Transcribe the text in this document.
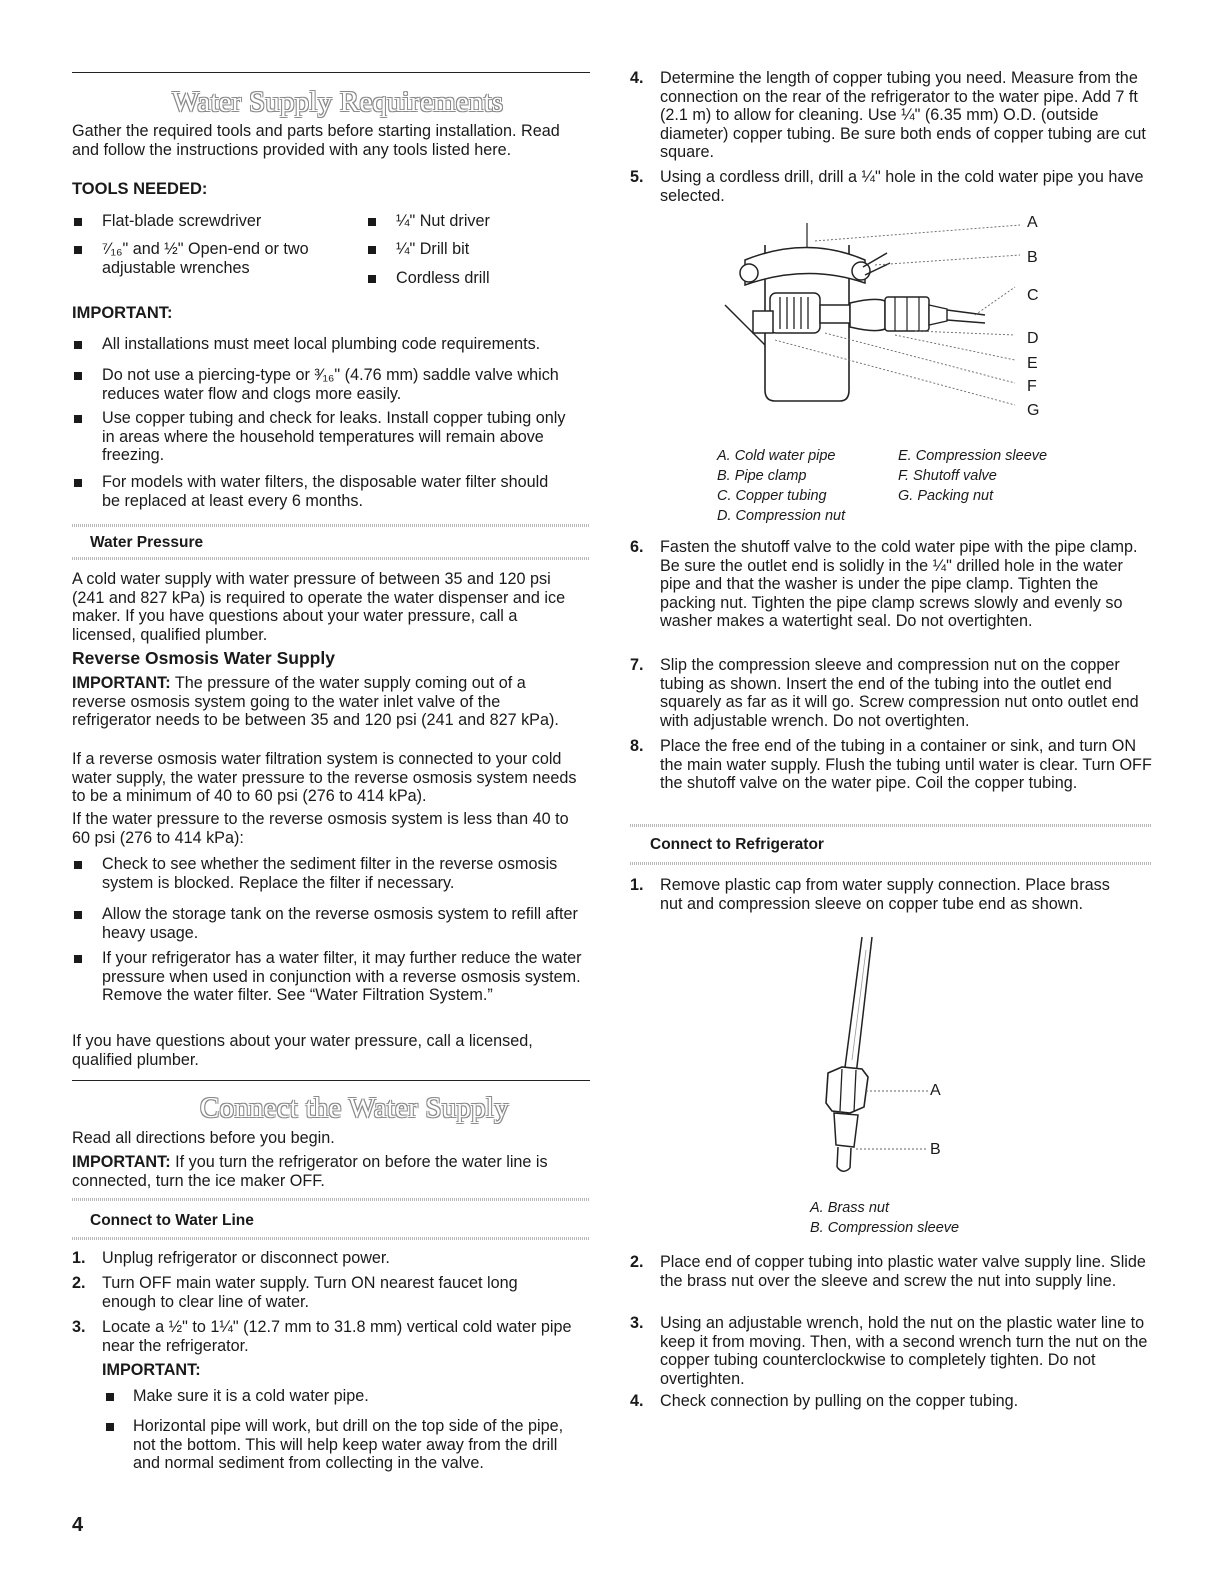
Water Supply Requirements

Gather the required tools and parts before starting installation. Read and follow the instructions provided with any tools listed here.

TOOLS NEEDED:
Flat-blade screwdriver
⁷⁄₁₆" and ½" Open-end or two adjustable wrenches
¼" Nut driver
¼" Drill bit
Cordless drill
IMPORTANT:
All installations must meet local plumbing code requirements.
Do not use a piercing-type or ³⁄₁₆" (4.76 mm) saddle valve which reduces water flow and clogs more easily.
Use copper tubing and check for leaks. Install copper tubing only in areas where the household temperatures will remain above freezing.
For models with water filters, the disposable water filter should be replaced at least every 6 months.
Water Pressure

A cold water supply with water pressure of between 35 and 120 psi (241 and 827 kPa) is required to operate the water dispenser and ice maker. If you have questions about your water pressure, call a licensed, qualified plumber.

Reverse Osmosis Water Supply

IMPORTANT: The pressure of the water supply coming out of a reverse osmosis system going to the water inlet valve of the refrigerator needs to be between 35 and 120 psi (241 and 827 kPa).

If a reverse osmosis water filtration system is connected to your cold water supply, the water pressure to the reverse osmosis system needs to be a minimum of 40 to 60 psi (276 to 414 kPa).

If the water pressure to the reverse osmosis system is less than 40 to 60 psi (276 to 414 kPa):

Check to see whether the sediment filter in the reverse osmosis system is blocked. Replace the filter if necessary.
Allow the storage tank on the reverse osmosis system to refill after heavy usage.
If your refrigerator has a water filter, it may further reduce the water pressure when used in conjunction with a reverse osmosis system. Remove the water filter. See “Water Filtration System.”

If you have questions about your water pressure, call a licensed, qualified plumber.

Connect the Water Supply

Read all directions before you begin.

IMPORTANT: If you turn the refrigerator on before the water line is connected, turn the ice maker OFF.

Connect to Water Line
1. Unplug refrigerator or disconnect power.
2. Turn OFF main water supply. Turn ON nearest faucet long enough to clear line of water.
3. Locate a ½" to 1¼" (12.7 mm to 31.8 mm) vertical cold water pipe near the refrigerator.
IMPORTANT:
Make sure it is a cold water pipe.
Horizontal pipe will work, but drill on the top side of the pipe, not the bottom. This will help keep water away from the drill and normal sediment from collecting in the valve.
4
4. Determine the length of copper tubing you need. Measure from the connection on the rear of the refrigerator to the water pipe. Add 7 ft (2.1 m) to allow for cleaning. Use ¼" (6.35 mm) O.D. (outside diameter) copper tubing. Be sure both ends of copper tubing are cut square.
5. Using a cordless drill, drill a ¼" hole in the cold water pipe you have selected.
A
B
C
D
E
F
G
A. Cold water pipe
B. Pipe clamp
C. Copper tubing
D. Compression nut
E. Compression sleeve
F. Shutoff valve
G. Packing nut
6. Fasten the shutoff valve to the cold water pipe with the pipe clamp. Be sure the outlet end is solidly in the ¼" drilled hole in the water pipe and that the washer is under the pipe clamp. Tighten the packing nut. Tighten the pipe clamp screws slowly and evenly so washer makes a watertight seal. Do not overtighten.
7. Slip the compression sleeve and compression nut on the copper tubing as shown. Insert the end of the tubing into the outlet end squarely as far as it will go. Screw compression nut onto outlet end with adjustable wrench. Do not overtighten.
8. Place the free end of the tubing in a container or sink, and turn ON the main water supply. Flush the tubing until water is clear. Turn OFF the shutoff valve on the water pipe. Coil the copper tubing.
Connect to Refrigerator
1. Remove plastic cap from water supply connection. Place brass nut and compression sleeve on copper tube end as shown.
A
B
A. Brass nut
B. Compression sleeve
2. Place end of copper tubing into plastic water valve supply line. Slide the brass nut over the sleeve and screw the nut into supply line.
3. Using an adjustable wrench, hold the nut on the plastic water line to keep it from moving. Then, with a second wrench turn the nut on the copper tubing counterclockwise to completely tighten. Do not overtighten.
4. Check connection by pulling on the copper tubing.
